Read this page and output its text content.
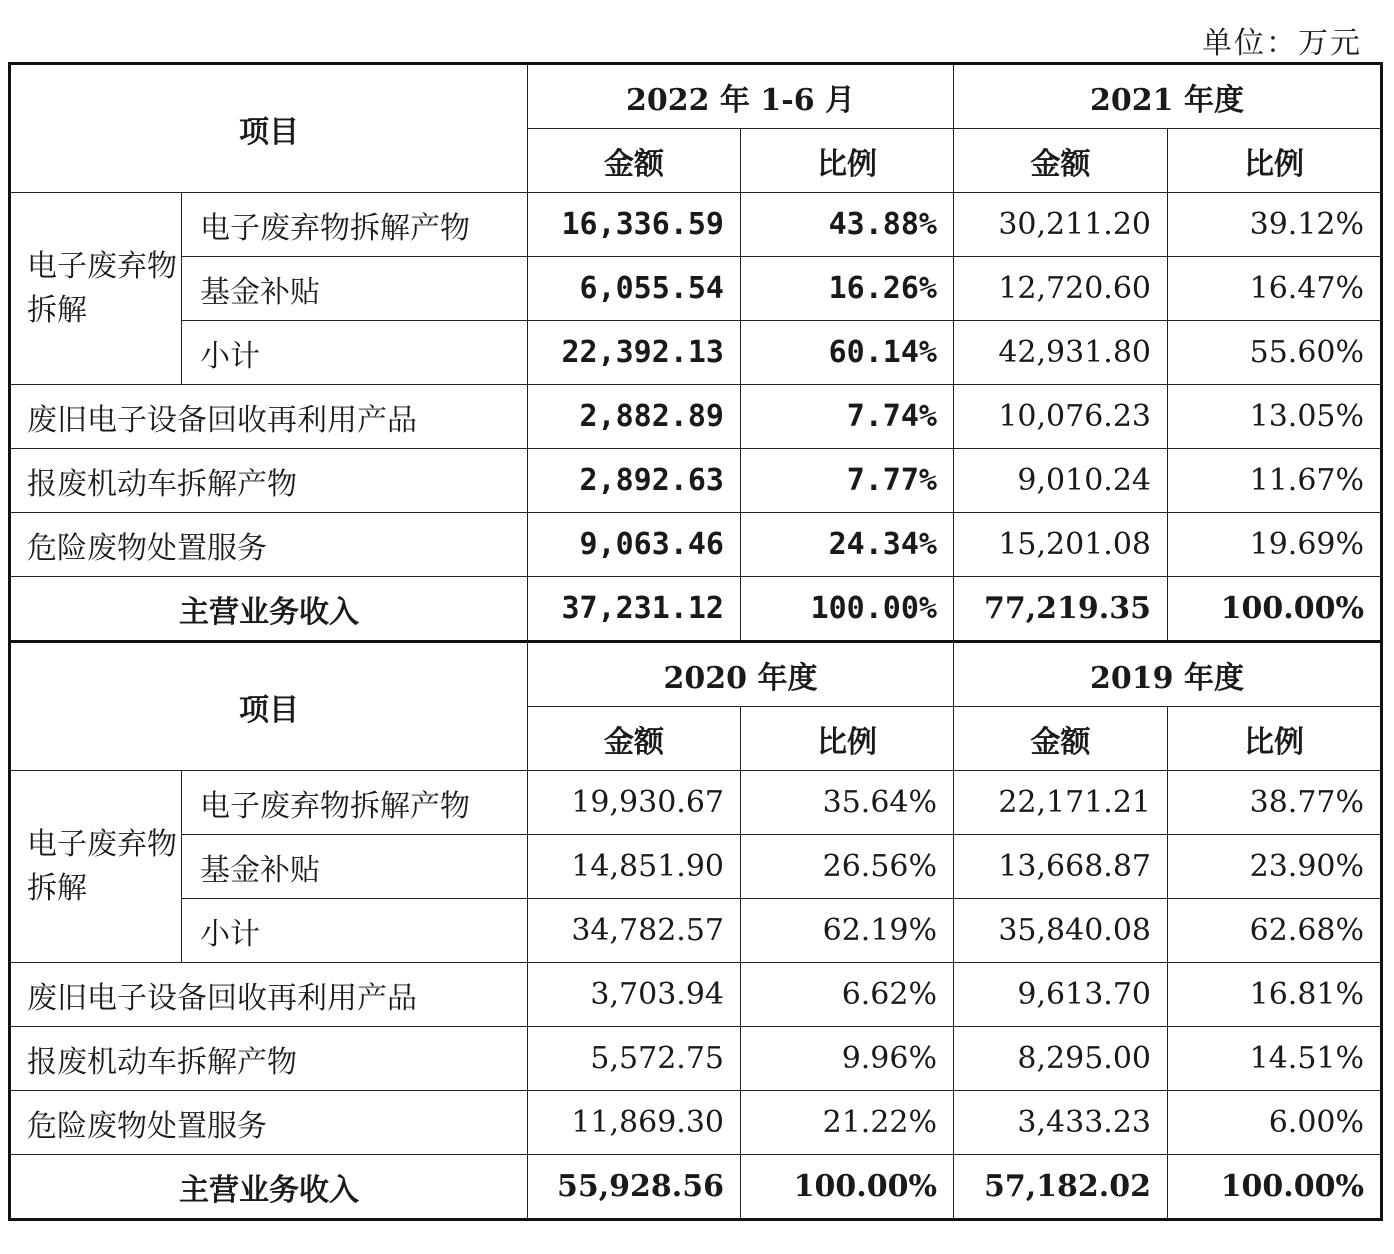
单位：万元
项目		2022 年 1-6 月		2021 年度	
		金额	比例	金额	比例
电子废弃物拆解	电子废弃物拆解产物	16,336.59	43.88%	30,211.20	39.12%
	基金补贴	6,055.54	16.26%	12,720.60	16.47%
	小计	22,392.13	60.14%	42,931.80	55.60%
废旧电子设备回收再利用产品		2,882.89	7.74%	10,076.23	13.05%
报废机动车拆解产物		2,892.63	7.77%	9,010.24	11.67%
危险废物处置服务		9,063.46	24.34%	15,201.08	19.69%
主营业务收入		37,231.12	100.00%	77,219.35	100.00%
项目		2020 年度		2019 年度	
		金额	比例	金额	比例
电子废弃物拆解	电子废弃物拆解产物	19,930.67	35.64%	22,171.21	38.77%
	基金补贴	14,851.90	26.56%	13,668.87	23.90%
	小计	34,782.57	62.19%	35,840.08	62.68%
废旧电子设备回收再利用产品		3,703.94	6.62%	9,613.70	16.81%
报废机动车拆解产物		5,572.75	9.96%	8,295.00	14.51%
危险废物处置服务		11,869.30	21.22%	3,433.23	6.00%
主营业务收入		55,928.56	100.00%	57,182.02	100.00%
